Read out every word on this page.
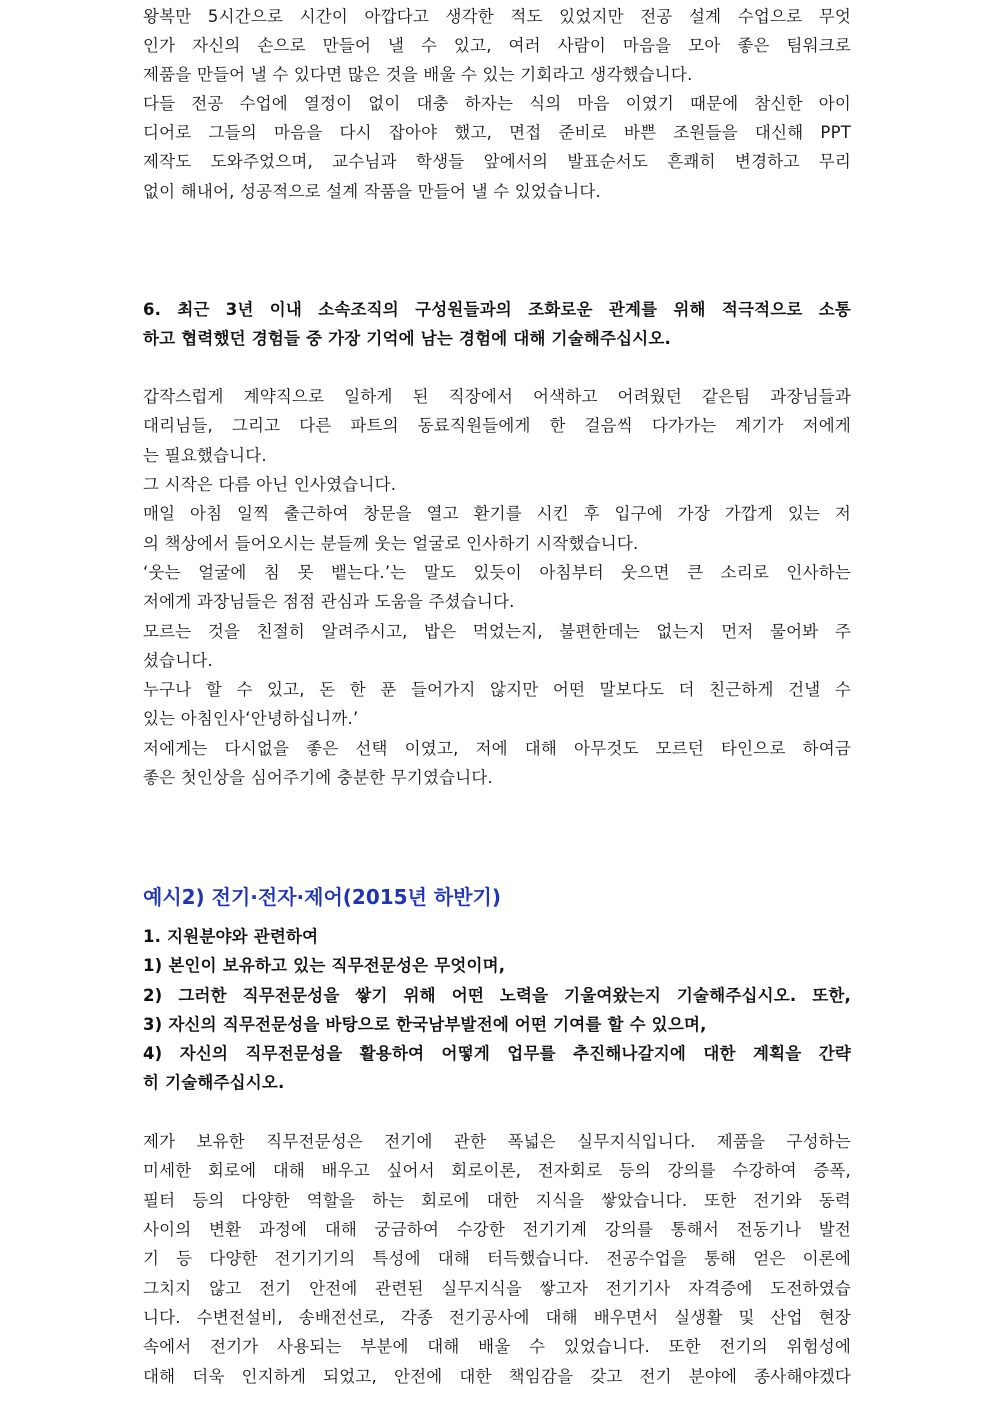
왕복만 5시간으로 시간이 아깝다고 생각한 적도 있었지만 전공 설계 수업으로 무엇
인가 자신의 손으로 만들어 낼 수 있고, 여러 사람이 마음을 모아 좋은 팀워크로
제품을 만들어 낼 수 있다면 많은 것을 배울 수 있는 기회라고 생각했습니다.
다들 전공 수업에 열정이 없이 대충 하자는 식의 마음 이였기 때문에 참신한 아이
디어로 그들의 마음을 다시 잡아야 했고, 면접 준비로 바쁜 조원들을 대신해 PPT
제작도 도와주었으며, 교수님과 학생들 앞에서의 발표순서도 흔쾌히 변경하고 무리
없이 해내어, 성공적으로 설계 작품을 만들어 낼 수 있었습니다.
6. 최근 3년 이내 소속조직의 구성원들과의 조화로운 관계를 위해 적극적으로 소통
하고 협력했던 경험들 중 가장 기억에 남는 경험에 대해 기술해주십시오.
갑작스럽게 계약직으로 일하게 된 직장에서 어색하고 어려웠던 같은팀 과장님들과
대리님들, 그리고 다른 파트의 동료직원들에게 한 걸음씩 다가가는 계기가 저에게
는 필요했습니다.
그 시작은 다름 아닌 인사였습니다.
매일 아침 일찍 출근하여 창문을 열고 환기를 시킨 후 입구에 가장 가깝게 있는 저
의 책상에서 들어오시는 분들께 웃는 얼굴로 인사하기 시작했습니다.
‘웃는 얼굴에 침 못 뱉는다.’는 말도 있듯이 아침부터 웃으면 큰 소리로 인사하는
저에게 과장님들은 점점 관심과 도움을 주셨습니다.
모르는 것을 친절히 알려주시고, 밥은 먹었는지, 불편한데는 없는지 먼저 물어봐 주
셨습니다.
누구나 할 수 있고, 돈 한 푼 들어가지 않지만 어떤 말보다도 더 친근하게 건낼 수
있는 아침인사‘안녕하십니까.’
저에게는 다시없을 좋은 선택 이였고, 저에 대해 아무것도 모르던 타인으로 하여금
좋은 첫인상을 심어주기에 충분한 무기였습니다.
예시2) 전기·전자·제어(2015년 하반기)
1. 지원분야와 관련하여
1) 본인이 보유하고 있는 직무전문성은 무엇이며,
2) 그러한 직무전문성을 쌓기 위해 어떤 노력을 기울여왔는지 기술해주십시오. 또한,
3) 자신의 직무전문성을 바탕으로 한국남부발전에 어떤 기여를 할 수 있으며,
4) 자신의 직무전문성을 활용하여 어떻게 업무를 추진해나갈지에 대한 계획을 간략
히 기술해주십시오.
제가 보유한 직무전문성은 전기에 관한 폭넓은 실무지식입니다. 제품을 구성하는
미세한 회로에 대해 배우고 싶어서 회로이론, 전자회로 등의 강의를 수강하여 증폭,
필터 등의 다양한 역할을 하는 회로에 대한 지식을 쌓았습니다. 또한 전기와 동력
사이의 변환 과정에 대해 궁금하여 수강한 전기기계 강의를 통해서 전동기나 발전
기 등 다양한 전기기기의 특성에 대해 터득했습니다. 전공수업을 통해 얻은 이론에
그치지 않고 전기 안전에 관련된 실무지식을 쌓고자 전기기사 자격증에 도전하였습
니다. 수변전설비, 송배전선로, 각종 전기공사에 대해 배우면서 실생활 및 산업 현장
속에서 전기가 사용되는 부분에 대해 배울 수 있었습니다. 또한 전기의 위험성에
대해 더욱 인지하게 되었고, 안전에 대한 책임감을 갖고 전기 분야에 종사해야겠다
